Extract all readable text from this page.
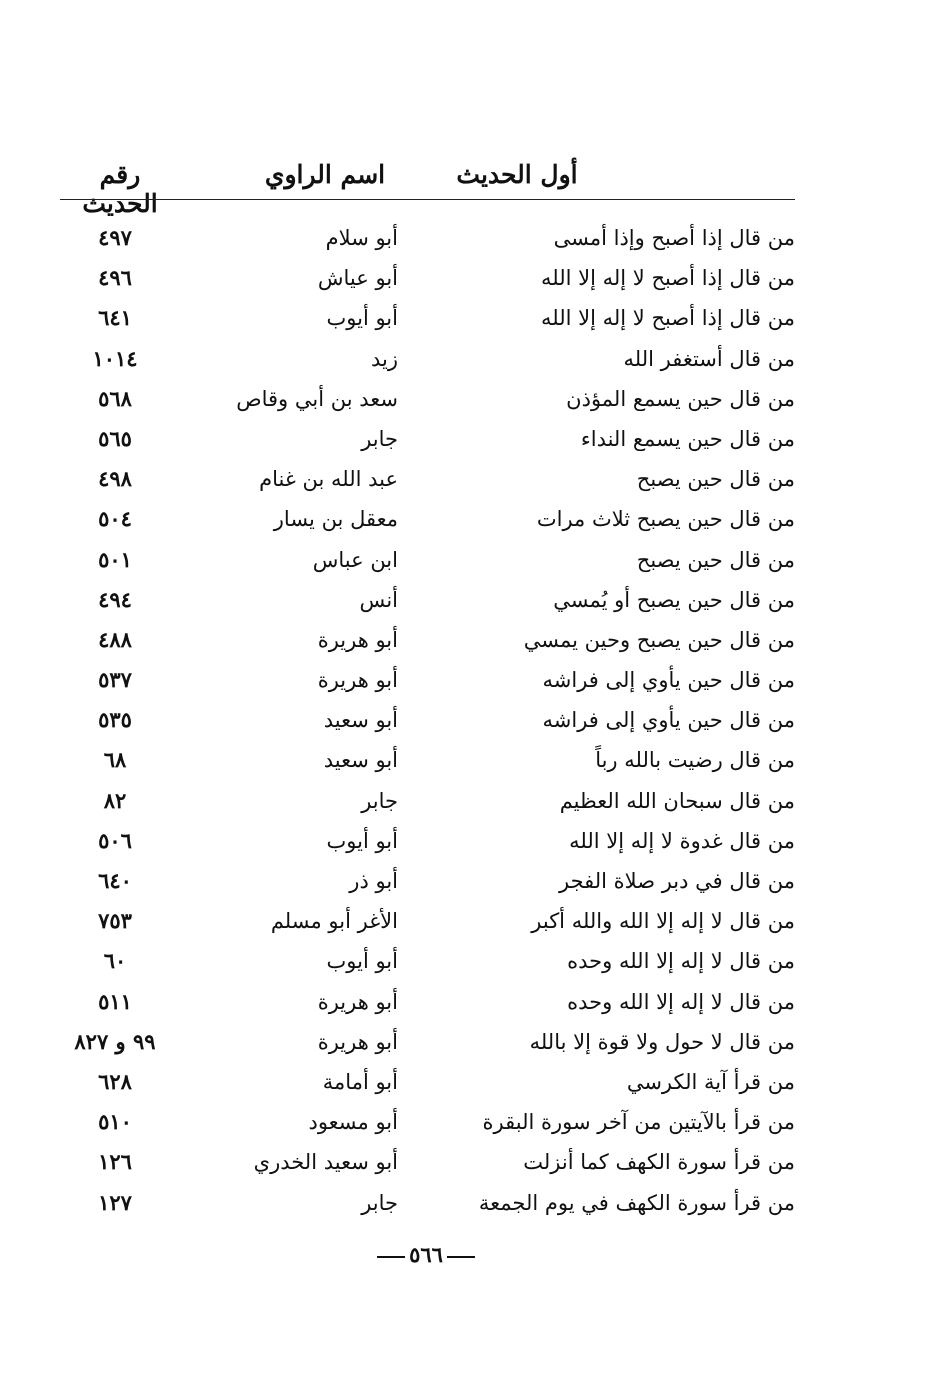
أول الحديث
اسم الراوي
رقم الحديث
من قال إذا أصبح وإذا أمسى
أبو سلام
٤٩٧
من قال إذا أصبح لا إله إلا الله
أبو عياش
٤٩٦
من قال إذا أصبح لا إله إلا الله
أبو أيوب
٦٤١
من قال أستغفر الله
زيد
١٠١٤
من قال حين يسمع المؤذن
سعد بن أبي وقاص
٥٦٨
من قال حين يسمع النداء
جابر
٥٦٥
من قال حين يصبح
عبد الله بن غنام
٤٩٨
من قال حين يصبح ثلاث مرات
معقل بن يسار
٥٠٤
من قال حين يصبح
ابن عباس
٥٠١
من قال حين يصبح أو يُمسي
أنس
٤٩٤
من قال حين يصبح وحين يمسي
أبو هريرة
٤٨٨
من قال حين يأوي إلى فراشه
أبو هريرة
٥٣٧
من قال حين يأوي إلى فراشه
أبو سعيد
٥٣٥
من قال رضيت بالله رباً
أبو سعيد
٦٨
من قال سبحان الله العظيم
جابر
٨٢
من قال غدوة لا إله إلا الله
أبو أيوب
٥٠٦
من قال في دبر صلاة الفجر
أبو ذر
٦٤٠
من قال لا إله إلا الله والله أكبر
الأغر أبو مسلم
٧٥٣
من قال لا إله إلا الله وحده
أبو أيوب
٦٠
من قال لا إله إلا الله وحده
أبو هريرة
٥١١
من قال لا حول ولا قوة إلا بالله
أبو هريرة
٩٩ و ٨٢٧
من قرأ آية الكرسي
أبو أمامة
٦٢٨
من قرأ بالآيتين من آخر سورة البقرة
أبو مسعود
٥١٠
من قرأ سورة الكهف كما أنزلت
أبو سعيد الخدري
١٢٦
من قرأ سورة الكهف في يوم الجمعة
جابر
١٢٧
٥٦٦
